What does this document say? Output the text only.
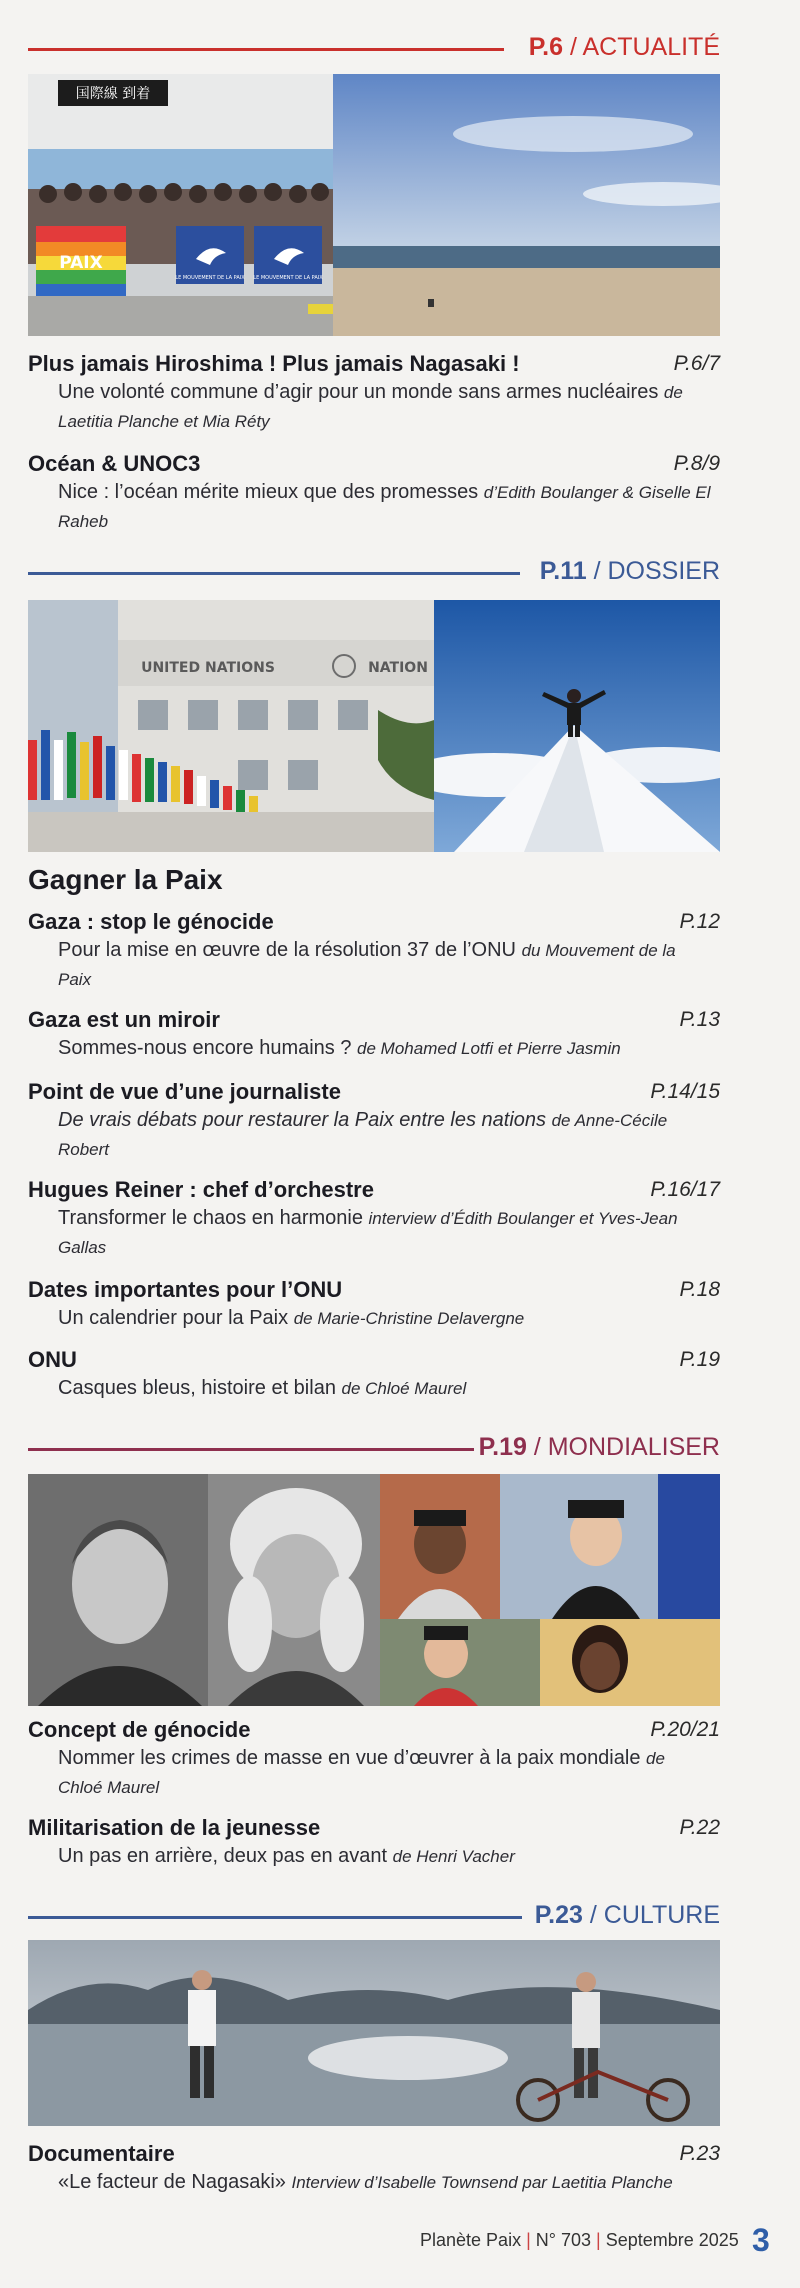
P.6 / ACTUALITÉ
国際線 到着
PAIX
LE MOUVEMENT DE LA PAIX LE MOUVEMENT DE LA PAIX
Plus jamais Hiroshima ! Plus jamais Nagasaki !	P.6/7
Une volonté commune d’agir pour un monde sans armes nucléaires de Laetitia Planche et Mia Réty
Océan & UNOC3	P.8/9
Nice : l’océan mérite mieux que des promesses d’Edith Boulanger & Giselle El Raheb
P.11 / DOSSIER
UNITED NATIONS	NATION
Gagner la Paix
Gaza : stop le génocide	P.12
Pour la mise en œuvre de la résolution 37 de l’ONU du Mouvement de la Paix
Gaza est un miroir	P.13
Sommes-nous encore humains ? de Mohamed Lotfi et Pierre Jasmin
Point de vue d’une journaliste	P.14/15
De vrais débats pour restaurer la Paix entre les nations de Anne-Cécile Robert
Hugues Reiner : chef d’orchestre	P.16/17
Transformer le chaos en harmonie interview d’Édith Boulanger et Yves-Jean Gallas
Dates importantes pour l’ONU	P.18
Un calendrier pour la Paix de Marie-Christine Delavergne
ONU	P.19
Casques bleus, histoire et bilan de Chloé Maurel
P.19 / MONDIALISER
Concept de génocide	P.20/21
Nommer les crimes de masse en vue d’œuvrer à la paix mondiale de Chloé Maurel
Militarisation de la jeunesse	P.22
Un pas en arrière, deux pas en avant de Henri Vacher
P.23 / CULTURE
Documentaire	P.23
«Le facteur de Nagasaki» Interview d’Isabelle Townsend par Laetitia Planche
Planète Paix | N° 703 | Septembre 2025 3
